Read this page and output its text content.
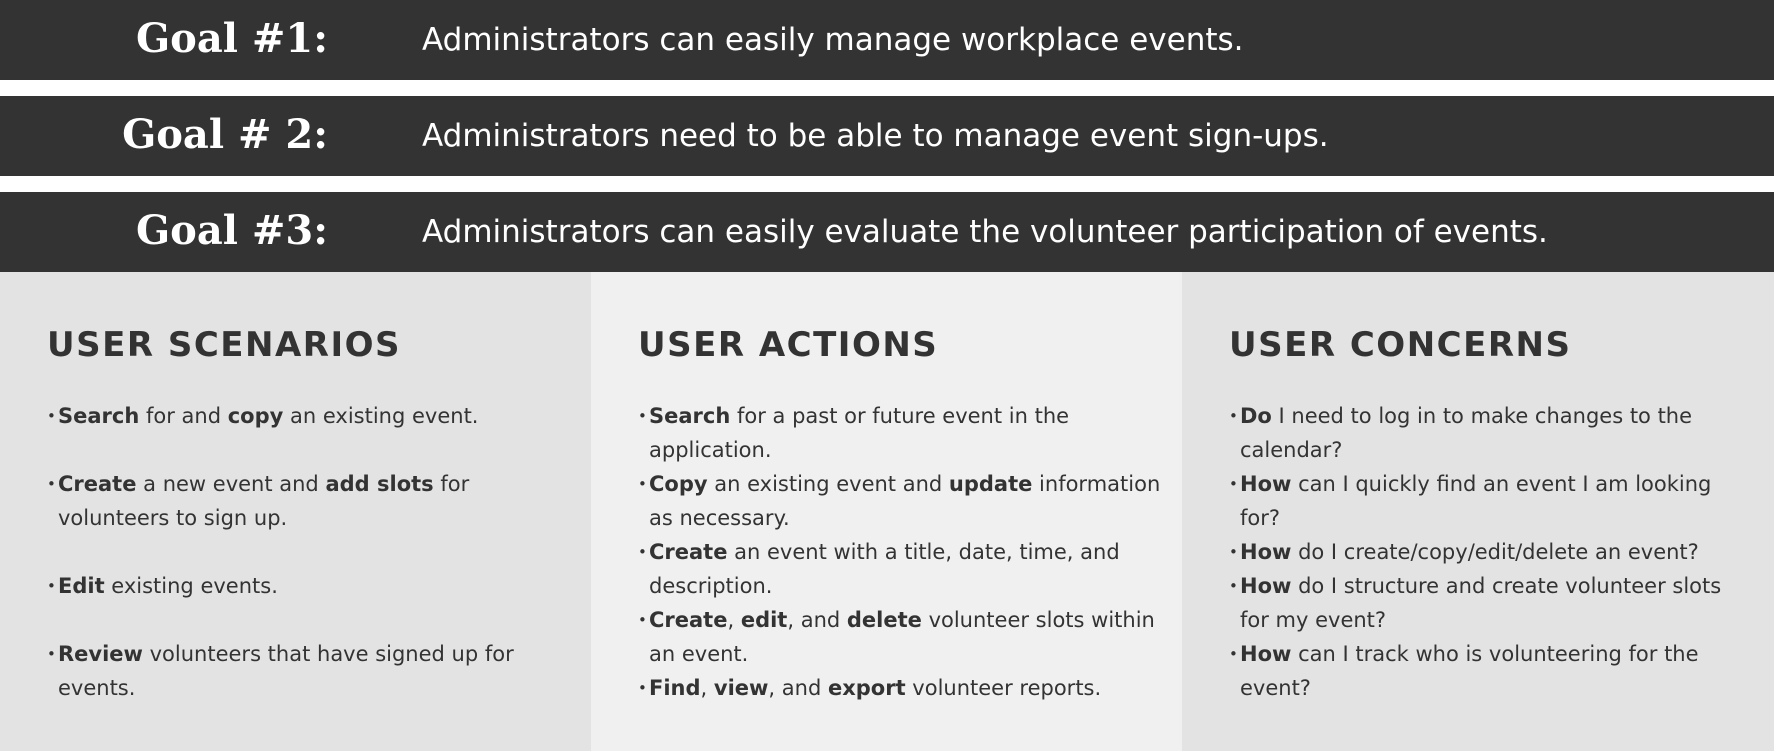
Goal #1:	Administrators can easily manage workplace events.
Goal # 2:	Administrators need to be able to manage event sign-ups.
Goal #3:	Administrators can easily evaluate the volunteer participation of events.
USER SCENARIOS
• Search for and copy an existing event.
• Create a new event and add slots for volunteers to sign up.
• Edit existing events.
• Review volunteers that have signed up for events.
USER ACTIONS
• Search for a past or future event in the application.
• Copy an existing event and update information as necessary.
• Create an event with a title, date, time, and description.
• Create, edit, and delete volunteer slots within an event.
• Find, view, and export volunteer reports.
USER CONCERNS
• Do I need to log in to make changes to the calendar?
• How can I quickly find an event I am looking for?
• How do I create/copy/edit/delete an event?
• How do I structure and create volunteer slots for my event?
• How can I track who is volunteering for the event?
